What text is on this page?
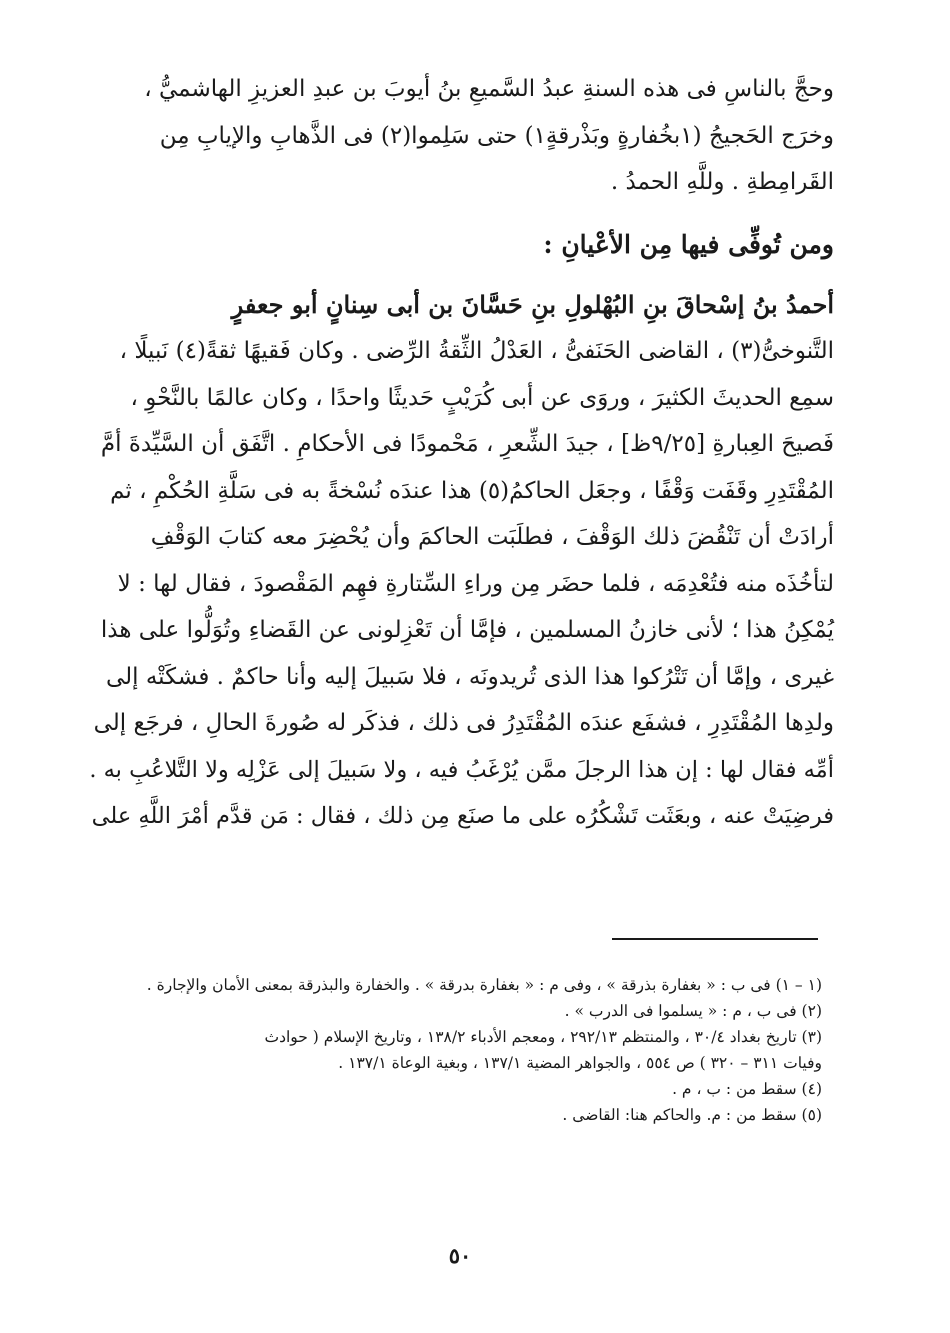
وحجَّ بالناسِ فى هذه السنةِ عبدُ السَّميعِ بنُ أيوبَ بن عبدِ العزيزِ الهاشميُّ ،
وخرَج الحَجيجُ (١بخُفارةٍ وبَذْرقةٍ١) حتى سَلِموا(٢) فى الذَّهابِ والإيابِ مِن
القَرامِطةِ . وللَّهِ الحمدُ .
ومن تُوفِّى فيها مِن الأعْيانِ :
أحمدُ بنُ إسْحاقَ بنِ البُهْلولِ بنِ حَسَّانَ بن أبى سِنانٍ أبو جعفرٍ
التَّنوخىُّ(٣) ، القاضى الحَنَفىُّ ، العَدْلُ الثِّقةُ الرِّضى . وكان فَقيهًا ثقةً(٤) نَبيلًا ،
سمِع الحديثَ الكثيرَ ، وروَى عن أبى كُرَيْبٍ حَديثًا واحدًا ، وكان عالمًا بالنَّحْوِ ،
فَصيحَ العِبارةِ [٩/٢٥ظ] ، جيدَ الشِّعرِ ، مَحْمودًا فى الأحكامِ . اتَّفَق أن السَّيِّدةَ أمَّ
المُقْتَدِرِ وقَفَت وَقْفًا ، وجعَل الحاكمُ(٥) هذا عندَه نُسْخةً به فى سَلَّةِ الحُكْمِ ، ثم
أرادَتْ أن تَنْقُضَ ذلك الوَقْفَ ، فطلَبَت الحاكمَ وأن يُحْضِرَ معه كتابَ الوَقْفِ
لتأخُذَه منه فتُعْدِمَه ، فلما حضَر مِن وراءِ السِّتارةِ فهِم المَقْصودَ ، فقال لها : لا
يُمْكِنُ هذا ؛ لأنى خازنُ المسلمين ، فإمَّا أن تَعْزِلونى عن القَضاءِ وتُوَلُّوا على هذا
غيرى ، وإمَّا أن تَتْرُكوا هذا الذى تُريدونَه ، فلا سَبيلَ إليه وأنا حاكمٌ . فشكَتْه إلى
ولدِها المُقْتَدِرِ ، فشفَع عندَه المُقْتَدِرُ فى ذلك ، فذكَر له صُورةَ الحالِ ، فرجَع إلى
أمِّه فقال لها : إن هذا الرجلَ ممَّن يُرْغَبُ فيه ، ولا سَبيلَ إلى عَزْلِه ولا التَّلاعُبِ به .
فرضِيَتْ عنه ، وبعَثَت تَشْكُرُه على ما صنَع مِن ذلك ، فقال : مَن قدَّم أمْرَ اللَّهِ على

(١ – ١) فى ب : « بغفارة بذرقة » ، وفى م : « بغفارة بدرقة » . والخفارة والبذرقة بمعنى الأمان والإجارة .

(٢) فى ب ، م : « يسلموا فى الدرب » .

(٣) تاريخ بغداد ٣٠/٤ ، والمنتظم ٢٩٢/١٣ ، ومعجم الأدباء ١٣٨/٢ ، وتاريخ الإسلام ( حوادث

وفيات ٣١١ – ٣٢٠ ) ص ٥٥٤ ، والجواهر المضية ١٣٧/١ ، وبغية الوعاة ١٣٧/١ .

(٤) سقط من : ب ، م .

(٥) سقط من : م. والحاكم هنا: القاضى .

٥٠
